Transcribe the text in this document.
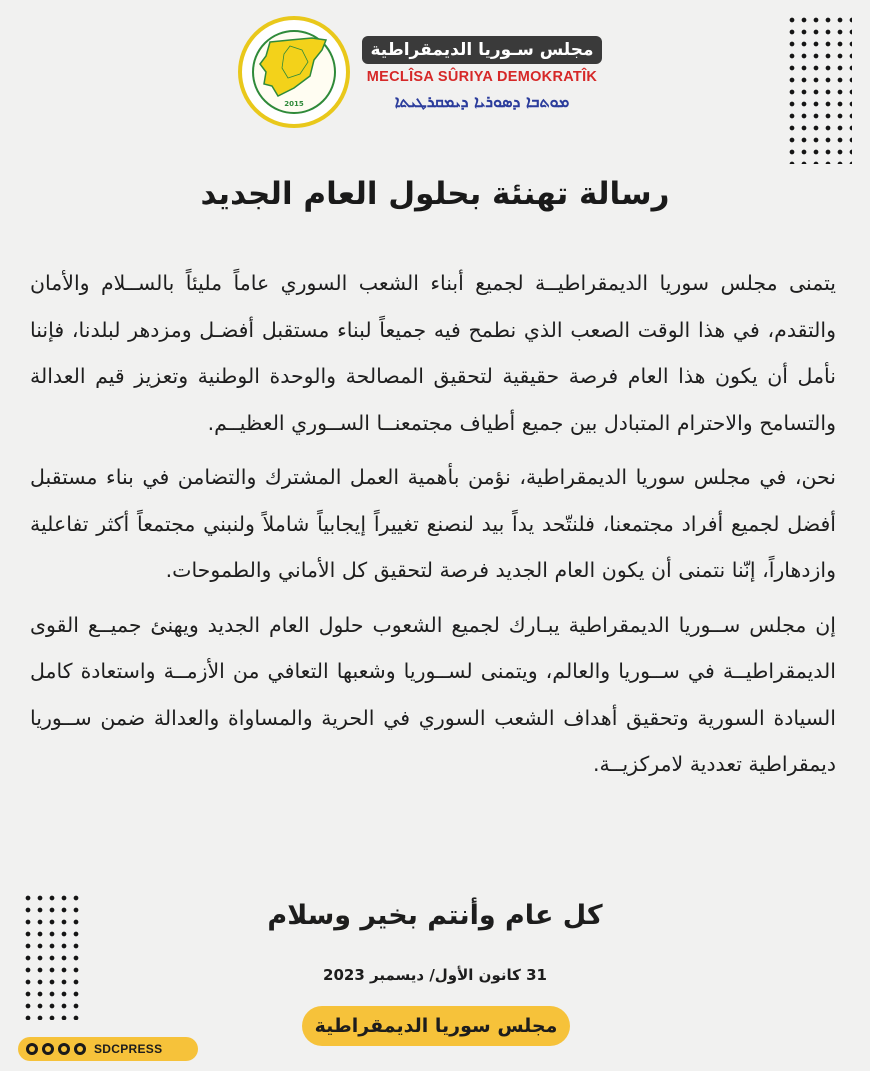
2015
مجلس سـوريا الديمقراطية
MECLÎSA SÛRIYA DEMOKRATÎK
ܡܘܬܒܐ ܕܣܘܪܝܐ ܕܝܡܩܪܛܝܬܐ
رسالة تهنئة بحلول العام الجديد

يتمنى مجلس سوريا الديمقراطيــة لجميع أبناء الشعب السوري عاماً مليئاً بالســلام والأمان والتقدم، في هذا الوقت الصعب الذي نطمح فيه جميعاً لبناء مستقبل أفضـل ومزدهر لبلدنا، فإننا نأمل أن يكون هذا العام فرصة حقيقية لتحقيق المصالحة والوحدة الوطنية وتعزيز قيم العدالة والتسامح والاحترام المتبادل بين جميع أطياف مجتمعنــا الســوري العظيــم.

نحن، في مجلس سوريا الديمقراطية، نؤمن بأهمية العمل المشترك والتضامن في بناء مستقبل أفضل لجميع أفراد مجتمعنا، فلنتّحد يداً بيد لنصنع تغييراً إيجابياً شاملاً ولنبني مجتمعاً أكثر تفاعلية وازدهاراً، إنّنا نتمنى أن يكون العام الجديد فرصة لتحقيق كل الأماني والطموحات.

إن مجلس ســوريا الديمقراطية يبـارك لجميع الشعوب حلول العام الجديد ويهنئ جميــع القوى الديمقراطيــة في ســوريا والعالم، ويتمنى لســوريا وشعبها التعافي من الأزمــة واستعادة كامل السيادة السورية وتحقيق أهداف الشعب السوري في الحرية والمساواة والعدالة ضمن ســوريا ديمقراطية تعددية لامركزيــة.

كل عام وأنتم بخير وسلام
31 كانون الأول/ ديسمبر 2023
مجلس سوريا الديمقراطية
SDCPRESS
